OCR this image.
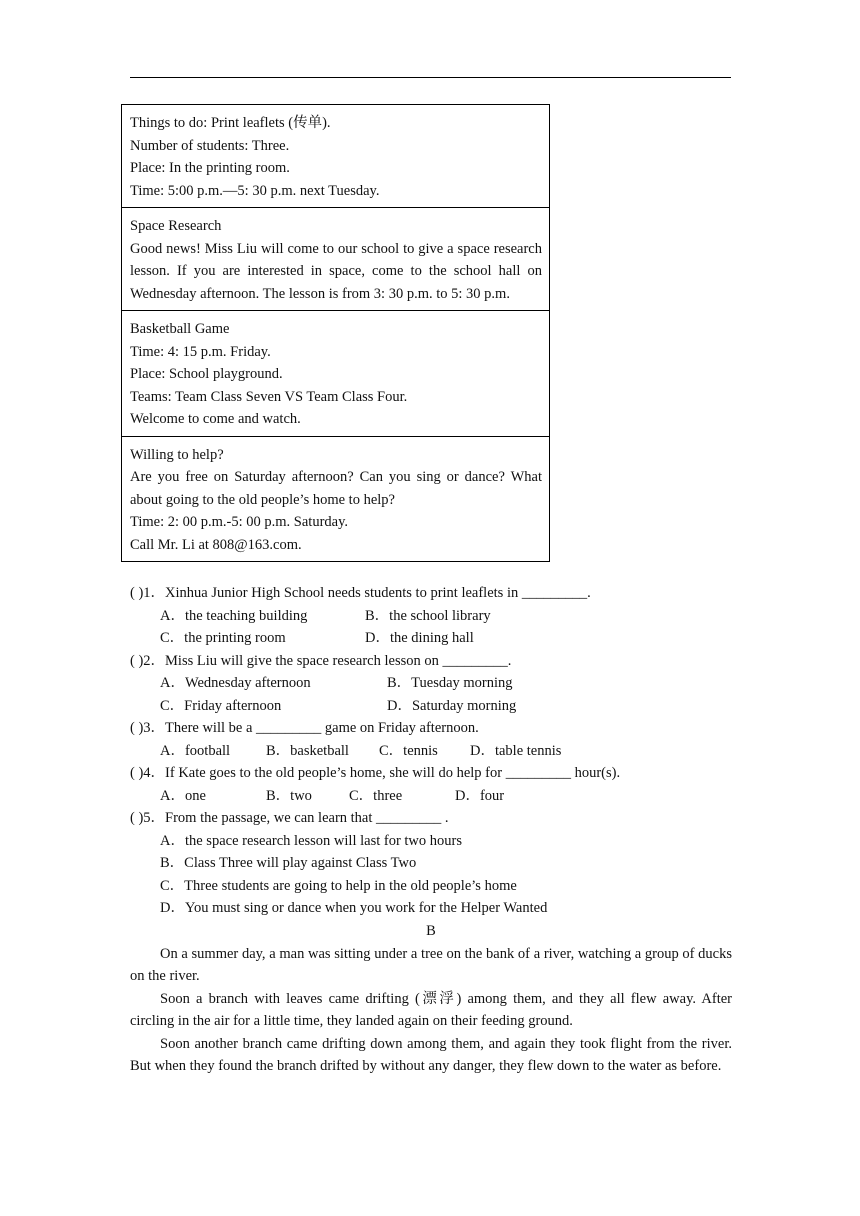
Things to do: Print leaflets (传单).
Number of students: Three.
Place: In the printing room.
Time: 5:00 p.m.—5: 30 p.m. next Tuesday.
Space Research
Good news! Miss Liu will come to our school to give a space research lesson. If you are interested in space, come to the school hall on Wednesday afternoon. The lesson is from 3: 30 p.m. to 5: 30 p.m.
Basketball Game
Time: 4: 15 p.m. Friday.
Place: School playground.
Teams: Team Class Seven VS Team Class Four.
Welcome to come and watch.
Willing to help?
Are you free on Saturday afternoon? Can you sing or dance? What about going to the old people’s home to help?
Time: 2: 00 p.m.-5: 00 p.m. Saturday.
Call Mr. Li at 808@163.com.
( )1．Xinhua Junior High School needs students to print leaflets in _________.
A．the teaching building	B．the school library
C．the printing room	D．the dining hall
( )2．Miss Liu will give the space research lesson on _________.
A．Wednesday afternoon	B．Tuesday morning
C．Friday afternoon	D．Saturday morning
( )3．There will be a _________ game on Friday afternoon.
A．football B．basketball C．tennis D．table tennis
( )4．If Kate goes to the old people’s home, she will do help for _________ hour(s).
A．one	B．two	C．three	D．four
( )5．From the passage, we can learn that _________ .
A．the space research lesson will last for two hours
B．Class Three will play against Class Two
C．Three students are going to help in the old people’s home
D．You must sing or dance when you work for the Helper Wanted
B

On a summer day, a man was sitting under a tree on the bank of a river, watching a group of ducks on the river.

Soon a branch with leaves came drifting (漂浮) among them, and they all flew away. After circling in the air for a little time, they landed again on their feeding ground.

Soon another branch came drifting down among them, and again they took flight from the river. But when they found the branch drifted by without any danger, they flew down to the water as before.
